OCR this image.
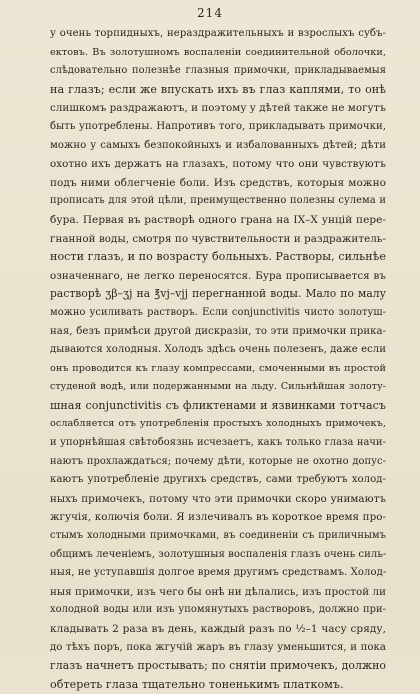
214
у очень торпидныхъ, нераздражительныхъ и взрослыхъ субъ-
ектовъ. Въ золотушномъ воспаленіи соединительной оболочки,
слѣдовательно полезнѣе глазныя примочки, прикладываемыя
на глазъ; если же впускать ихъ въ глаз каплями, то онѣ
слишкомъ раздражаютъ, и поэтому у дѣтей также не могутъ
быть употреблены. Напротивъ того, прикладывать примочки,
можно у самыхъ безпокойныхъ и избалованныхъ дѣтей; дѣти
охотно ихъ держатъ на глазахъ, потому что они чувствуютъ
подъ ними облегченіе боли. Изъ средствъ, которыя можно
прописать для этой цѣли, преимущественно полезны сулема и
бура. Первая въ растворѣ одного грана на IX–X унцій пере-
гнанной воды, смотря по чувствительности и раздражитель-
ности глазъ, и по возрасту больныхъ. Растворы, сильнѣе
означеннаго, не легко переносятся. Бура прописывается въ
растворѣ ʒβ–ʒj на ℥vj–vjj перегнанной воды. Мало по малу
можно усиливать растворъ. Если conjunctivitis чисто золотуш-
ная, безъ примѣси другой дискразіи, то эти примочки прика-
дываются холодныя. Холодъ здѣсь очень полезенъ, даже если
онъ проводится къ глазу компрессами, смоченными въ простой
студеной водѣ, или подержанными на льду. Сильнѣйшая золоту-
шная conjunctivitis съ фликтенами и язвинками тотчасъ
ослабляется отъ употребленія простыхъ холодныхъ примочекъ,
и упорнѣйшая свѣтобоязнь исчезаетъ, какъ только глаза начи-
наютъ прохлаждаться; почему дѣти, которые не охотно допус-
каютъ употребленіе другихъ средствъ, сами требуютъ холод-
ныхъ примочекъ, потому что эти примочки скоро унимаютъ
жгучія, колючія боли. Я излечивалъ въ короткое время про-
стымъ холодными примочками, въ соединеніи съ приличнымъ
общимъ леченіемъ, золотушныя воспаленія глазъ очень силь-
ныя, не уступавшія долгое время другимъ средствамъ. Холод-
ныя примочки, изъ чего бы онѣ ни дѣлались, изъ простой ли
холодной воды или изъ упомянутыхъ растворовъ, должно при-
кладывать 2 раза въ день, каждый разъ по ½–1 часу сряду,
до тѣхъ поръ, пока жгучій жаръ въ глазу уменьшится, и пока
глазъ начнетъ простывать; по снятіи примочекъ, должно
обтереть глаза тщательно тоненькимъ платкомъ.
